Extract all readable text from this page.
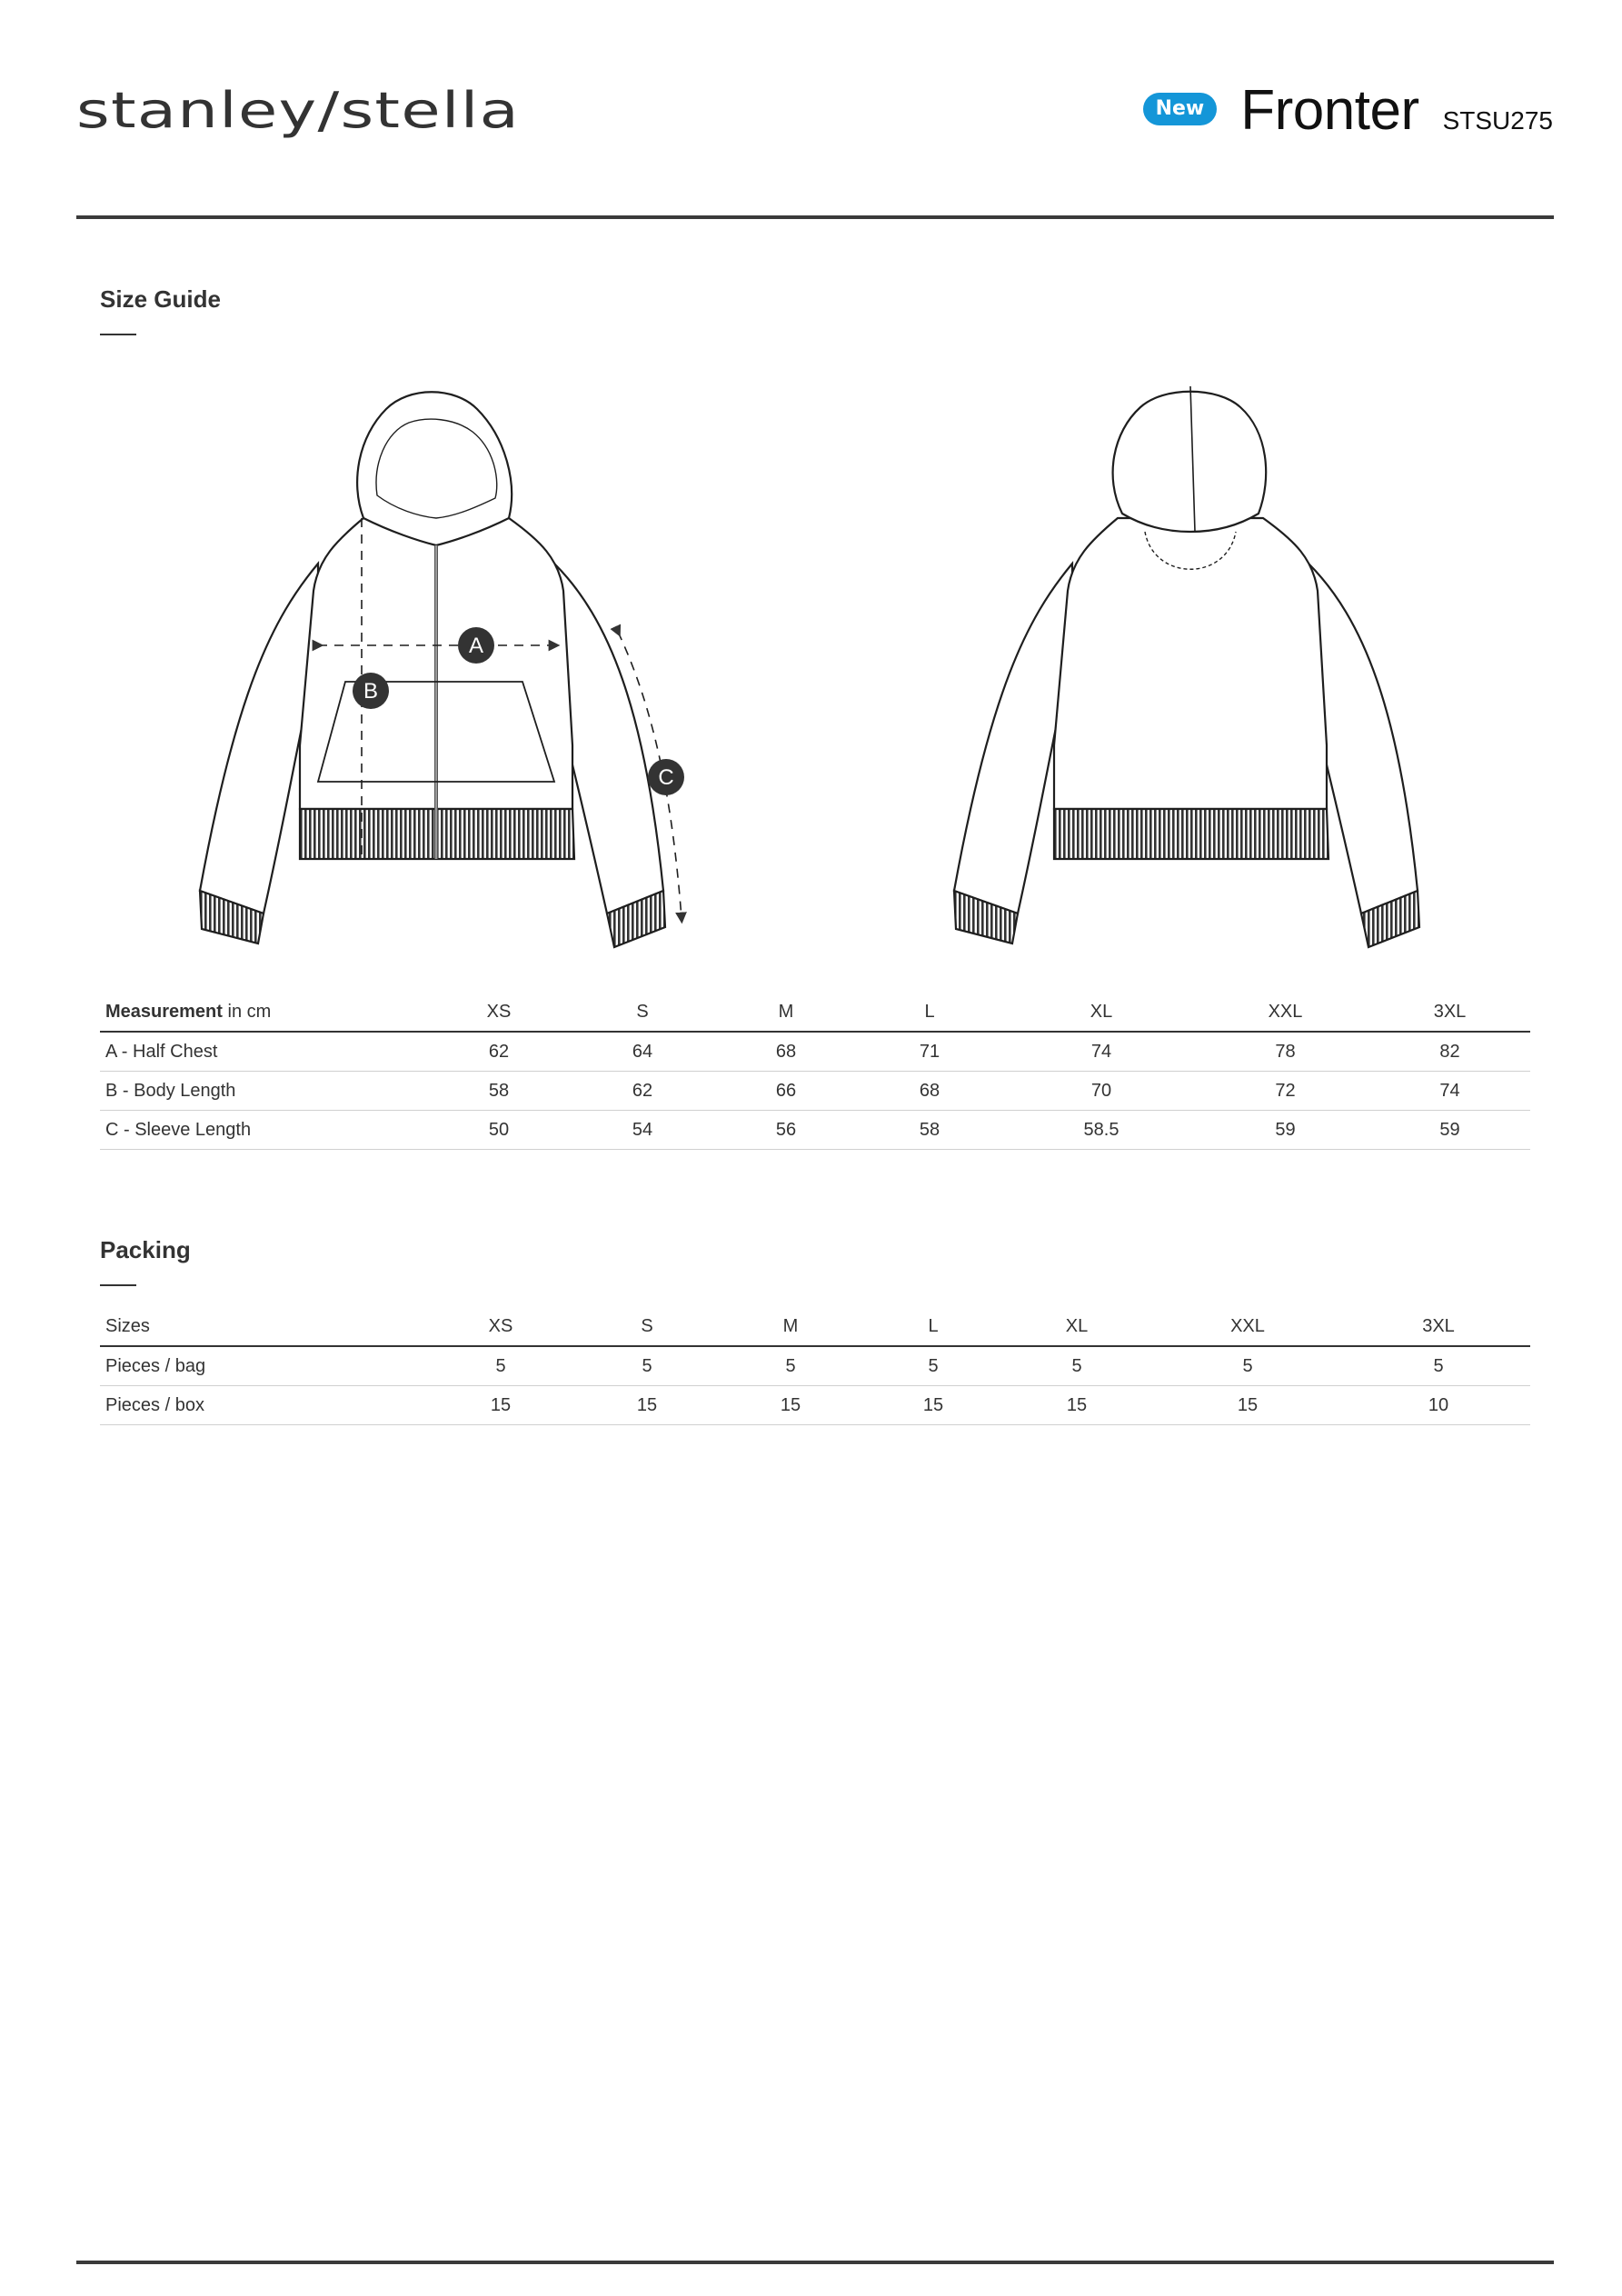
stanley/stella	New Fronter STSU275
Size Guide
A
B
C
Measurement in cm	XS	S	M	L	XL	XXL	3XL
A - Half Chest	62	64	68	71	74	78	82
B - Body Length	58	62	66	68	70	72	74
C - Sleeve Length	50	54	56	58	58.5	59	59
Packing
Sizes	XS	S	M	L	XL	XXL	3XL
Pieces / bag	5	5	5	5	5	5	5
Pieces / box	15	15	15	15	15	15	10
